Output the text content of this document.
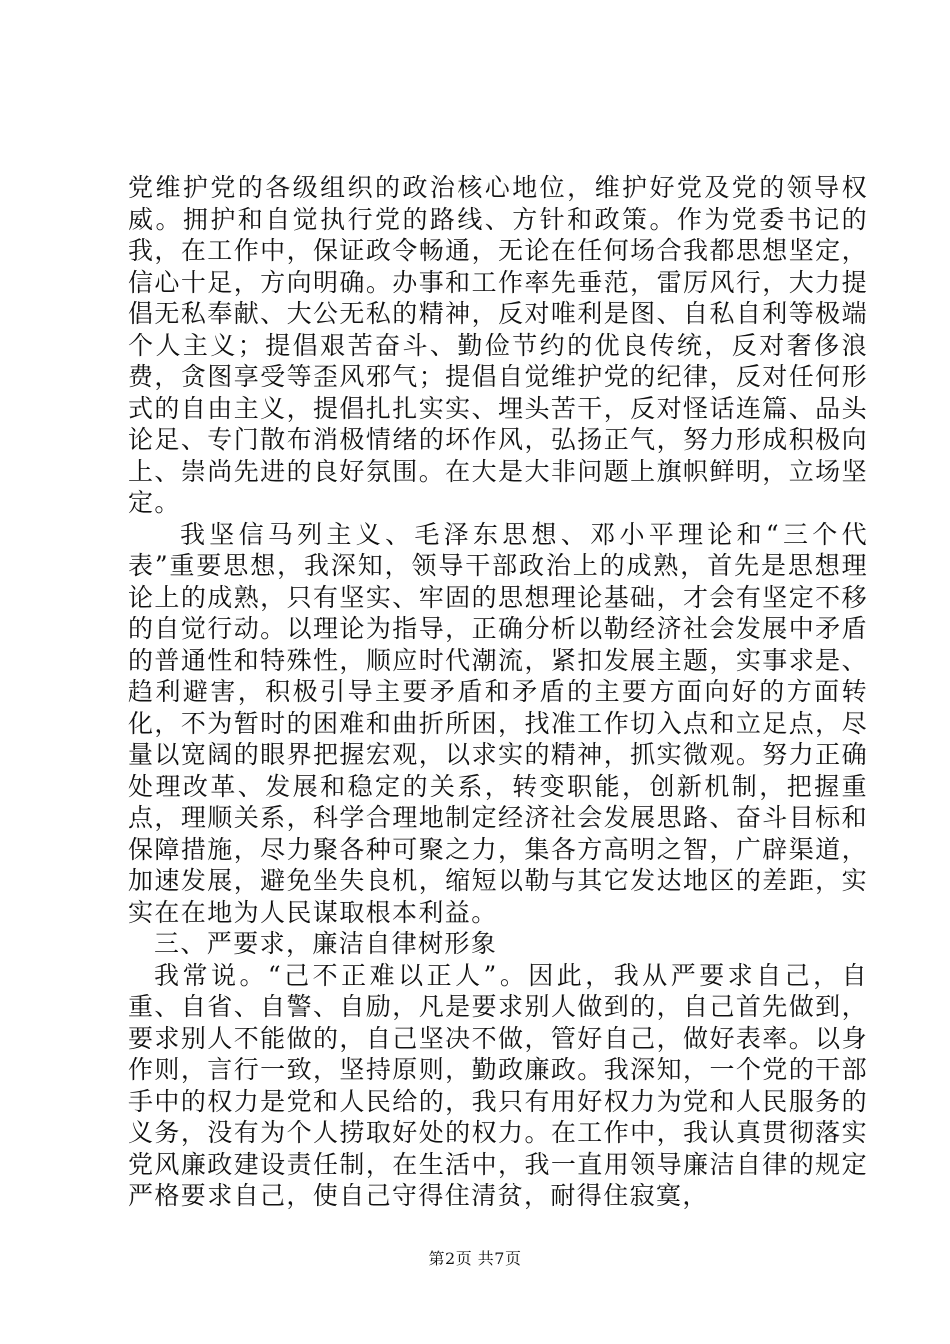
党维护党的各级组织的政治核心地位，维护好党及党的领导权威。拥护和自觉执行党的路线、方针和政策。作为党委书记的我，在工作中，保证政令畅通，无论在任何场合我都思想坚定，信心十足，方向明确。办事和工作率先垂范，雷厉风行，大力提倡无私奉献、大公无私的精神，反对唯利是图、自私自利等极端个人主义；提倡艰苦奋斗、勤俭节约的优良传统，反对奢侈浪费，贪图享受等歪风邪气；提倡自觉维护党的纪律，反对任何形式的自由主义，提倡扎扎实实、埋头苦干，反对怪话连篇、品头论足、专门散布消极情绪的坏作风，弘扬正气，努力形成积极向上、崇尚先进的良好氛围。在大是大非问题上旗帜鲜明，立场坚定。

我坚信马列主义、毛泽东思想、邓小平理论和“三个代表”重要思想，我深知，领导干部政治上的成熟，首先是思想理论上的成熟，只有坚实、牢固的思想理论基础，才会有坚定不移的自觉行动。以理论为指导，正确分析以勒经济社会发展中矛盾的普通性和特殊性，顺应时代潮流，紧扣发展主题，实事求是、趋利避害，积极引导主要矛盾和矛盾的主要方面向好的方面转化，不为暂时的困难和曲折所困，找准工作切入点和立足点，尽量以宽阔的眼界把握宏观，以求实的精神，抓实微观。努力正确处理改革、发展和稳定的关系，转变职能，创新机制，把握重点，理顺关系，科学合理地制定经济社会发展思路、奋斗目标和保障措施，尽力聚各种可聚之力，集各方高明之智，广辟渠道，加速发展，避免坐失良机，缩短以勒与其它发达地区的差距，实实在在地为人民谋取根本利益。

三、严要求，廉洁自律树形象

我常说。“己不正难以正人”。因此，我从严要求自己，自重、自省、自警、自励，凡是要求别人做到的，自己首先做到，要求别人不能做的，自己坚决不做，管好自己，做好表率。以身作则，言行一致，坚持原则，勤政廉政。我深知，一个党的干部手中的权力是党和人民给的，我只有用好权力为党和人民服务的义务，没有为个人捞取好处的权力。在工作中，我认真贯彻落实党风廉政建设责任制，在生活中，我一直用领导廉洁自律的规定严格要求自己，使自己守得住清贫，耐得住寂寞，

第2页 共7页
